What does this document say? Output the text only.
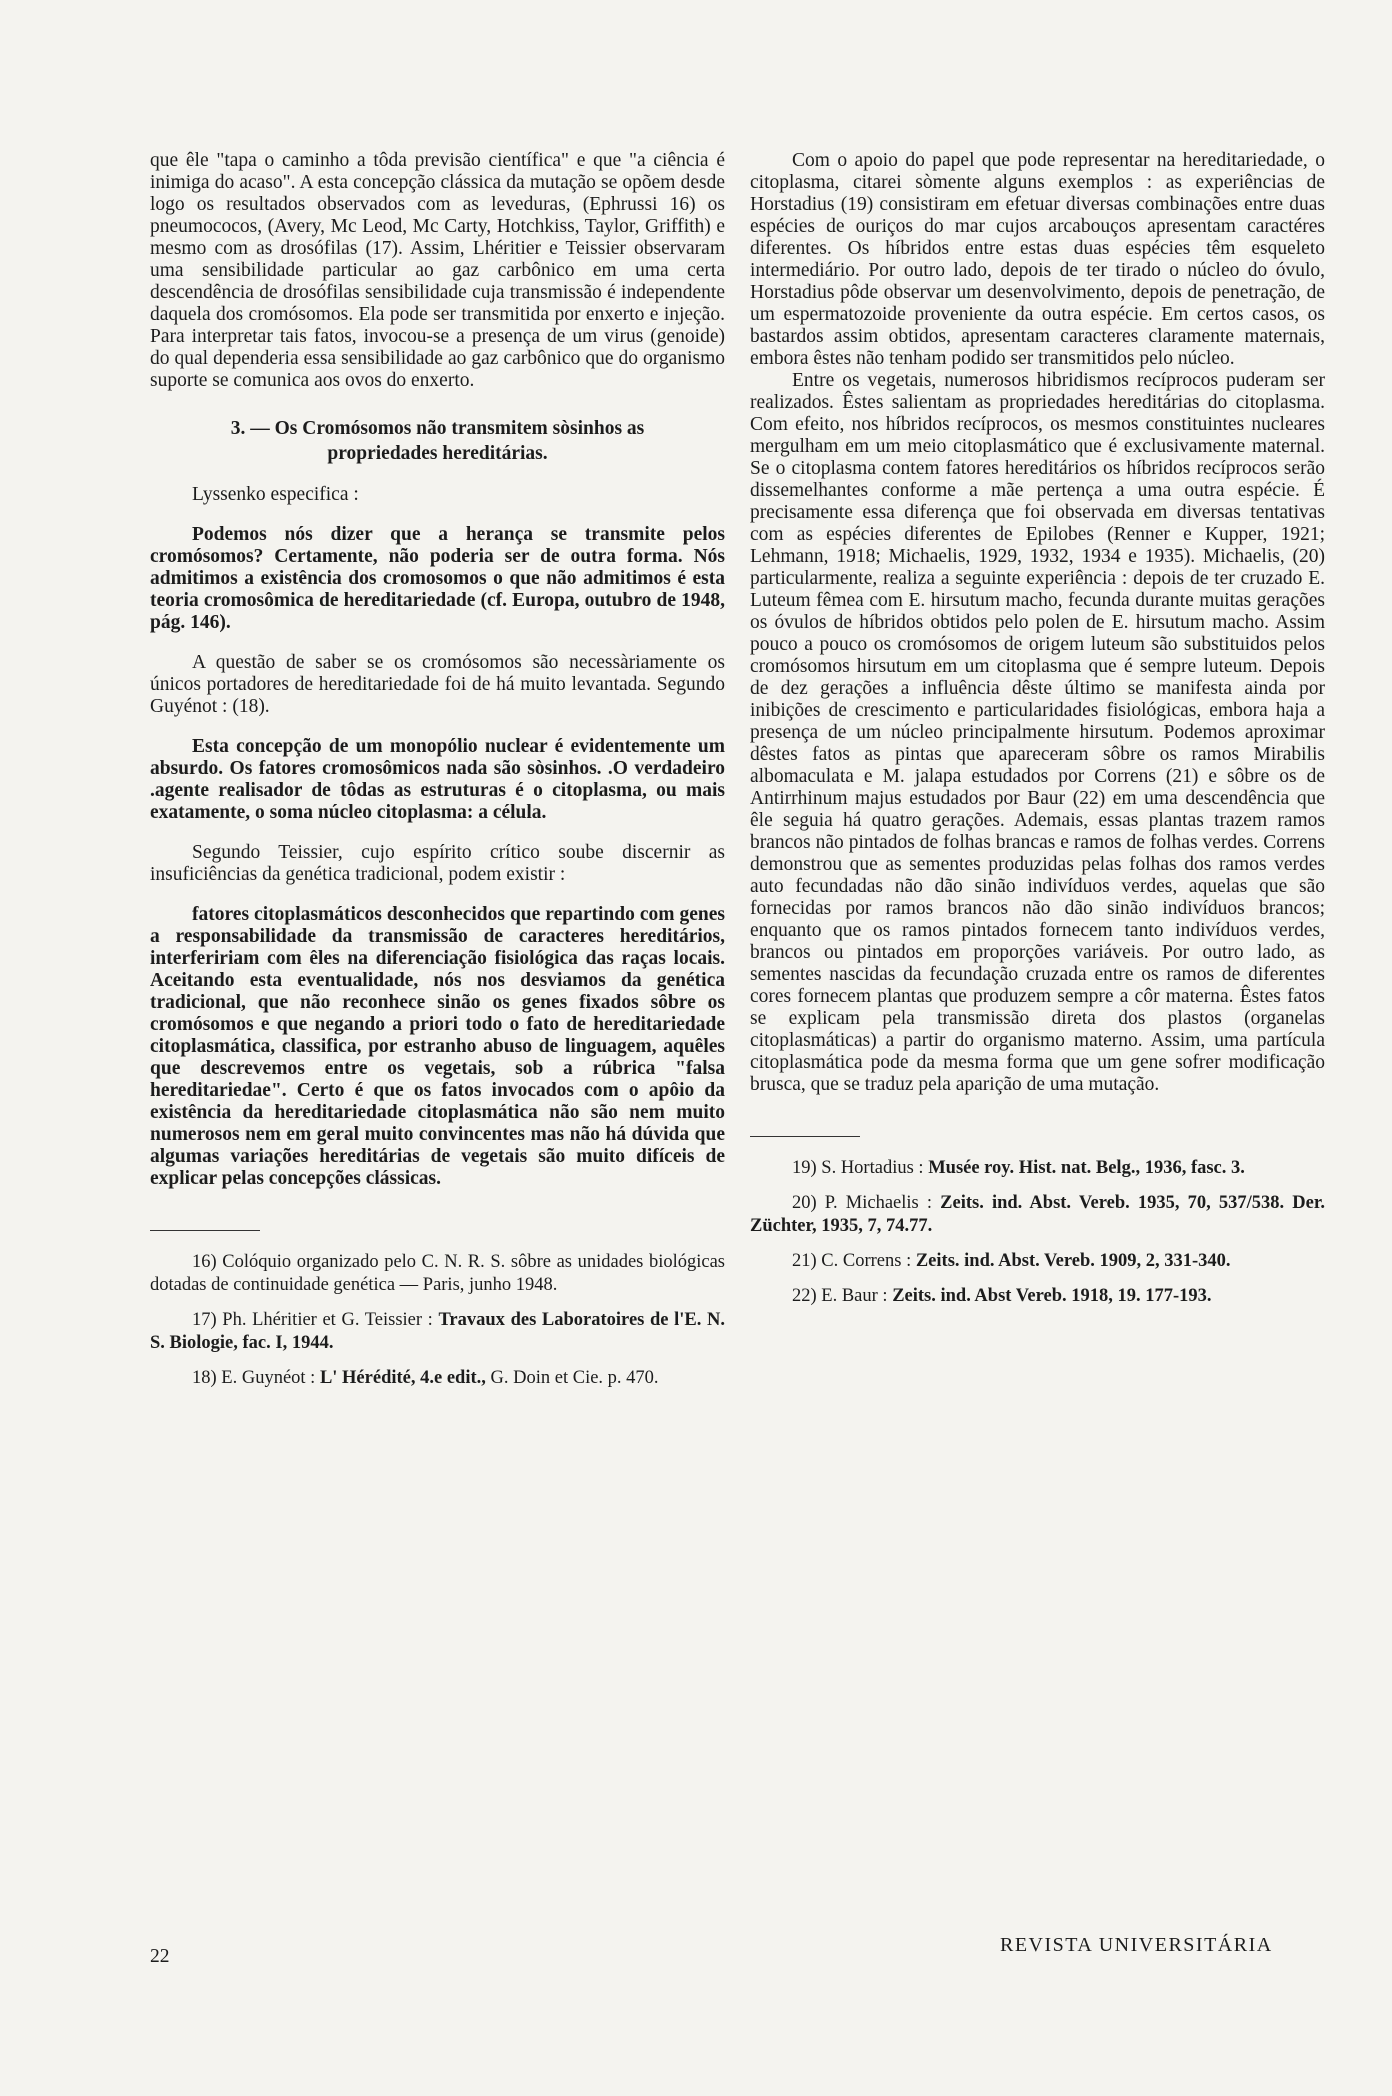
que êle "tapa o caminho a tôda previsão científica" e que "a ciência é inimiga do acaso". A esta concepção clássica da mutação se opõem desde logo os resultados observados com as leveduras, (Ephrussi 16) os pneumococos, (Avery, Mc Leod, Mc Carty, Hotchkiss, Taylor, Griffith) e mesmo com as drosófilas (17). Assim, Lhéritier e Teissier observaram uma sensibilidade particular ao gaz carbônico em uma certa descendência de drosófilas sensibilidade cuja transmissão é independente daquela dos cromósomos. Ela pode ser transmitida por enxerto e injeção. Para interpretar tais fatos, invocou-se a presença de um virus (genoide) do qual dependeria essa sensibilidade ao gaz carbônico que do organismo suporte se comunica aos ovos do enxerto.

3. — Os Cromósomos não transmitem sòsinhos as propriedades hereditárias.

Lyssenko especifica :

Podemos nós dizer que a herança se transmite pelos cromósomos? Certamente, não poderia ser de outra forma. Nós admitimos a existência dos cromosomos o que não admitimos é esta teoria cromosômica de hereditariedade (cf. Europa, outubro de 1948, pág. 146).

A questão de saber se os cromósomos são necessàriamente os únicos portadores de hereditariedade foi de há muito levantada. Segundo Guyénot : (18).

Esta concepção de um monopólio nuclear é evidentemente um absurdo. Os fatores cromosômicos nada são sòsinhos. .O verdadeiro .agente realisador de tôdas as estruturas é o citoplasma, ou mais exatamente, o soma núcleo citoplasma: a célula.

Segundo Teissier, cujo espírito crítico soube discernir as insuficiências da genética tradicional, podem existir :

fatores citoplasmáticos desconhecidos que repartindo com genes a responsabilidade da transmissão de caracteres hereditários, interfeririam com êles na diferenciação fisiológica das raças locais. Aceitando esta eventualidade, nós nos desviamos da genética tradicional, que não reconhece sinão os genes fixados sôbre os cromósomos e que negando a priori todo o fato de hereditariedade citoplasmática, classifica, por estranho abuso de linguagem, aquêles que descrevemos entre os vegetais, sob a rúbrica "falsa hereditariedae". Certo é que os fatos invocados com o apôio da existência da hereditariedade citoplasmática não são nem muito numerosos nem em geral muito convincentes mas não há dúvida que algumas variações hereditárias de vegetais são muito difíceis de explicar pelas concepções clássicas.

16) Colóquio organizado pelo C. N. R. S. sôbre as unidades biológicas dotadas de continuidade genética — Paris, junho 1948.

17) Ph. Lhéritier et G. Teissier : Travaux des Laboratoires de l'E. N. S. Biologie, fac. I, 1944.

18) E. Guynéot : L' Hérédité, 4.e edit., G. Doin et Cie. p. 470.

Com o apoio do papel que pode representar na hereditariedade, o citoplasma, citarei sòmente alguns exemplos : as experiências de Horstadius (19) consistiram em efetuar diversas combinações entre duas espécies de ouriços do mar cujos arcabouços apresentam caractéres diferentes. Os híbridos entre estas duas espécies têm esqueleto intermediário. Por outro lado, depois de ter tirado o núcleo do óvulo, Horstadius pôde observar um desenvolvimento, depois de penetração, de um espermatozoide proveniente da outra espécie. Em certos casos, os bastardos assim obtidos, apresentam caracteres claramente maternais, embora êstes não tenham podido ser transmitidos pelo núcleo.

Entre os vegetais, numerosos hibridismos recíprocos puderam ser realizados. Êstes salientam as propriedades hereditárias do citoplasma. Com efeito, nos híbridos recíprocos, os mesmos constituintes nucleares mergulham em um meio citoplasmático que é exclusivamente maternal. Se o citoplasma contem fatores hereditários os híbridos recíprocos serão dissemelhantes conforme a mãe pertença a uma outra espécie. É precisamente essa diferença que foi observada em diversas tentativas com as espécies diferentes de Epilobes (Renner e Kupper, 1921; Lehmann, 1918; Michaelis, 1929, 1932, 1934 e 1935). Michaelis, (20) particularmente, realiza a seguinte experiência : depois de ter cruzado E. Luteum fêmea com E. hirsutum macho, fecunda durante muitas gerações os óvulos de híbridos obtidos pelo polen de E. hirsutum macho. Assim pouco a pouco os cromósomos de origem luteum são substituidos pelos cromósomos hirsutum em um citoplasma que é sempre luteum. Depois de dez gerações a influência dêste último se manifesta ainda por inibições de crescimento e particularidades fisiológicas, embora haja a presença de um núcleo principalmente hirsutum. Podemos aproximar dêstes fatos as pintas que apareceram sôbre os ramos Mirabilis albomaculata e M. jalapa estudados por Correns (21) e sôbre os de Antirrhinum majus estudados por Baur (22) em uma descendência que êle seguia há quatro gerações. Ademais, essas plantas trazem ramos brancos não pintados de folhas brancas e ramos de folhas verdes. Correns demonstrou que as sementes produzidas pelas folhas dos ramos verdes auto fecundadas não dão sinão indivíduos verdes, aquelas que são fornecidas por ramos brancos não dão sinão indivíduos brancos; enquanto que os ramos pintados fornecem tanto indivíduos verdes, brancos ou pintados em proporções variáveis. Por outro lado, as sementes nascidas da fecundação cruzada entre os ramos de diferentes cores fornecem plantas que produzem sempre a côr materna. Êstes fatos se explicam pela transmissão direta dos plastos (organelas citoplasmáticas) a partir do organismo materno. Assim, uma partícula citoplasmática pode da mesma forma que um gene sofrer modificação brusca, que se traduz pela aparição de uma mutação.

19) S. Hortadius : Musée roy. Hist. nat. Belg., 1936, fasc. 3.

20) P. Michaelis : Zeits. ind. Abst. Vereb. 1935, 70, 537/538. Der. Züchter, 1935, 7, 74.77.

21) C. Correns : Zeits. ind. Abst. Vereb. 1909, 2, 331-340.

22) E. Baur : Zeits. ind. Abst Vereb. 1918, 19. 177-193.

22
REVISTA UNIVERSITÁRIA
